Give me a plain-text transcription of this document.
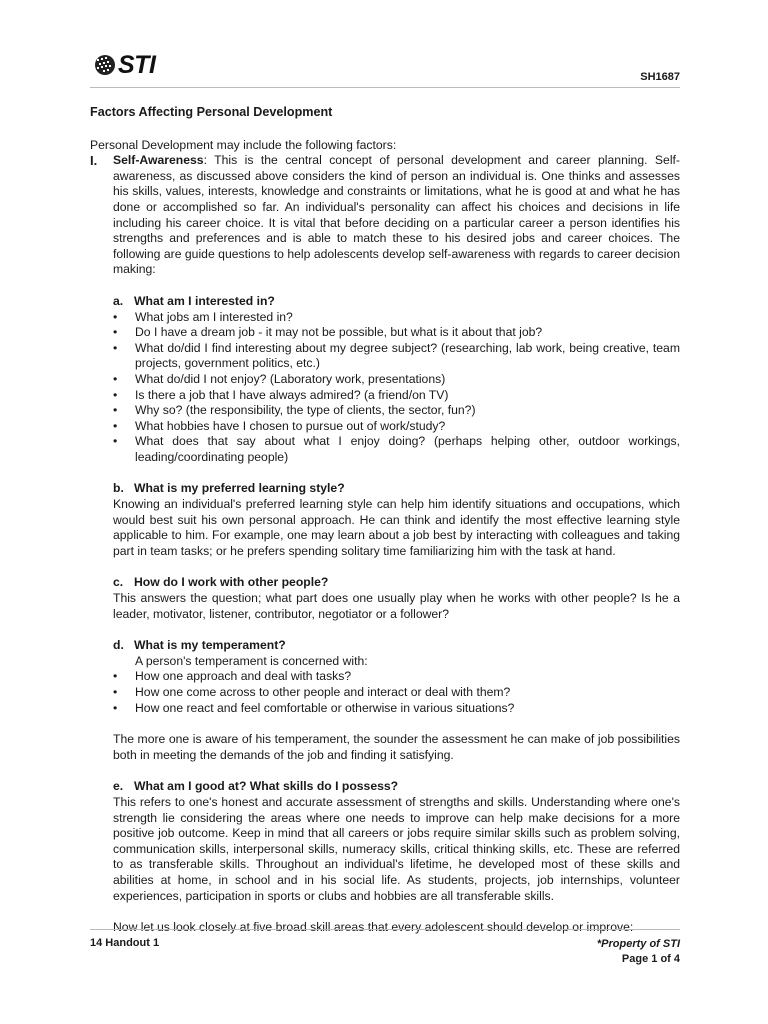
STI	SH1687
Factors Affecting Personal Development

Personal Development may include the following factors:

I.	Self-Awareness: This is the central concept of personal development and career planning. Self-awareness, as discussed above considers the kind of person an individual is. One thinks and assesses his skills, values, interests, knowledge and constraints or limitations, what he is good at and what he has done or accomplished so far. An individual's personality can affect his choices and decisions in life including his career choice. It is vital that before deciding on a particular career a person identifies his strengths and preferences and is able to match these to his desired jobs and career choices. The following are guide questions to help adolescents develop self-awareness with regards to career decision making:

a. What am I interested in?
•	What jobs am I interested in?
•	Do I have a dream job - it may not be possible, but what is it about that job?
•	What do/did I find interesting about my degree subject? (researching, lab work, being creative, team projects, government politics, etc.)
•	What do/did I not enjoy? (Laboratory work, presentations)
•	Is there a job that I have always admired? (a friend/on TV)
•	Why so? (the responsibility, the type of clients, the sector, fun?)
•	What hobbies have I chosen to pursue out of work/study?
•	What does that say about what I enjoy doing? (perhaps helping other, outdoor workings, leading/coordinating people)
b. What is my preferred learning style?

Knowing an individual's preferred learning style can help him identify situations and occupations, which would best suit his own personal approach. He can think and identify the most effective learning style applicable to him. For example, one may learn about a job best by interacting with colleagues and taking part in team tasks; or he prefers spending solitary time familiarizing him with the task at hand.

c. How do I work with other people?

This answers the question; what part does one usually play when he works with other people? Is he a leader, motivator, listener, contributor, negotiator or a follower?

d. What is my temperament?

A person's temperament is concerned with:

•	How one approach and deal with tasks?
•	How one come across to other people and interact or deal with them?
•	How one react and feel comfortable or otherwise in various situations?

The more one is aware of his temperament, the sounder the assessment he can make of job possibilities both in meeting the demands of the job and finding it satisfying.

e. What am I good at? What skills do I possess?

This refers to one's honest and accurate assessment of strengths and skills. Understanding where one's strength lie considering the areas where one needs to improve can help make decisions for a more positive job outcome. Keep in mind that all careers or jobs require similar skills such as problem solving, communication skills, interpersonal skills, numeracy skills, critical thinking skills, etc. These are referred to as transferable skills. Throughout an individual's lifetime, he developed most of these skills and abilities at home, in school and in his social life. As students, projects, job internships, volunteer experiences, participation in sports or clubs and hobbies are all transferable skills.

Now let us look closely at five broad skill areas that every adolescent should develop or improve:

14 Handout 1	*Property of STI
Page 1 of 4
